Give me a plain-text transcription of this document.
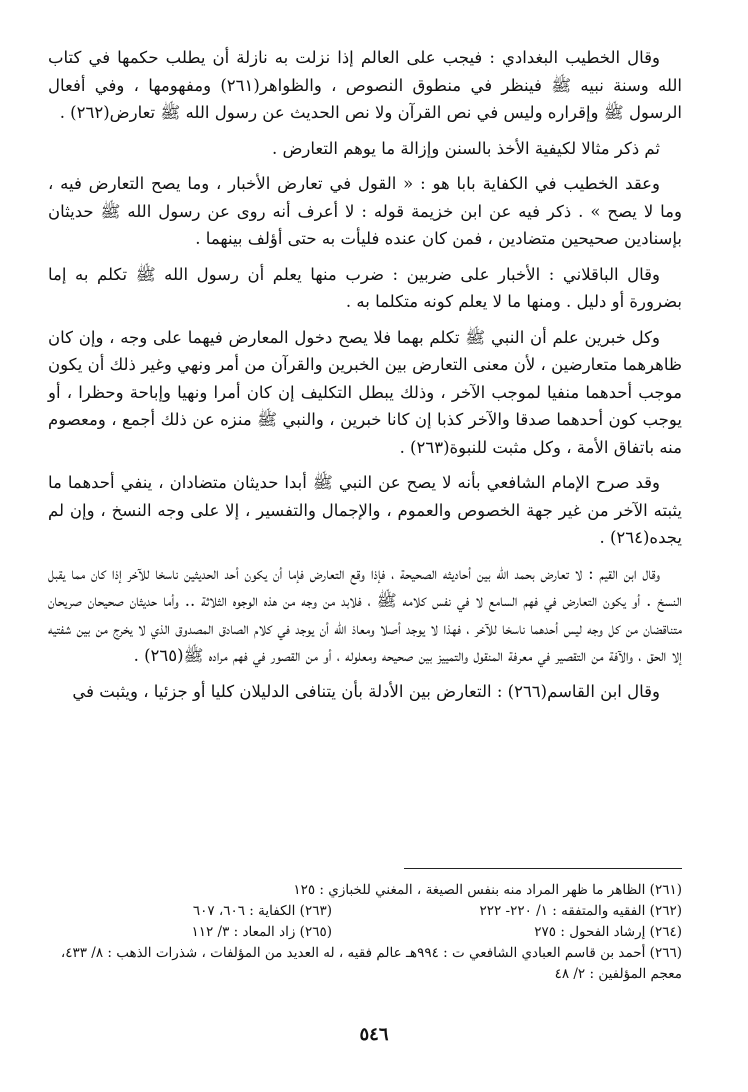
وقال الخطيب البغدادي : فيجب على العالم إذا نزلت به نازلة أن يطلب حكمها في كتاب الله وسنة نبيه ﷺ فينظر في منطوق النصوص ، والظواهر(٢٦١) ومفهومها ، وفي أفعال الرسول ﷺ وإقراره وليس في نص القرآن ولا نص الحديث عن رسول الله ﷺ تعارض(٢٦٢) .

ثم ذكر مثالا لكيفية الأخذ بالسنن وإزالة ما يوهم التعارض .

وعقد الخطيب في الكفاية بابا هو : « القول في تعارض الأخبار ، وما يصح التعارض فيه ، وما لا يصح » . ذكر فيه عن ابن خزيمة قوله : لا أعرف أنه روى عن رسول الله ﷺ حديثان بإسنادين صحيحين متضادين ، فمن كان عنده فليأت به حتى أؤلف بينهما .

وقال الباقلاني : الأخبار على ضربين : ضرب منها يعلم أن رسول الله ﷺ تكلم به إما بضرورة أو دليل . ومنها ما لا يعلم كونه متكلما به .

وكل خبرين علم أن النبي ﷺ تكلم بهما فلا يصح دخول المعارض فيهما على وجه ، وإن كان ظاهرهما متعارضين ، لأن معنى التعارض بين الخبرين والقرآن من أمر ونهي وغير ذلك أن يكون موجب أحدهما منفيا لموجب الآخر ، وذلك يبطل التكليف إن كان أمرا ونهيا وإباحة وحظرا ، أو يوجب كون أحدهما صدقا والآخر كذبا إن كانا خبرين ، والنبي ﷺ منزه عن ذلك أجمع ، ومعصوم منه باتفاق الأمة ، وكل مثبت للنبوة(٢٦٣) .

وقد صرح الإمام الشافعي بأنه لا يصح عن النبي ﷺ أبدا حديثان متضادان ، ينفي أحدهما ما يثبته الآخر من غير جهة الخصوص والعموم ، والإجمال والتفسير ، إلا على وجه النسخ ، وإن لم يجده(٢٦٤) .

وقال ابن القيم : لا تعارض بحمد الله بين أحاديثه الصحيحة ، فإذا وقع التعارض فإما أن يكون أحد الحديثين ناسخا للآخر إذا كان مما يقبل النسخ . أو يكون التعارض في فهم السامع لا في نفس كلامه ﷺ ، فلابد من وجه من هذه الوجوه الثلاثة .. وأما حديثان صحيحان صريحان متناقضان من كل وجه ليس أحدهما ناسخا للآخر ، فهذا لا يوجد أصلا ومعاذ الله أن يوجد في كلام الصادق المصدوق الذي لا يخرج من بين شفتيه إلا الحق ، والآفة من التقصير في معرفة المنقول والتمييز بين صحيحه ومعلوله ، أو من القصور في فهم مراده ﷺ(٢٦٥) .

وقال ابن القاسم(٢٦٦) : التعارض بين الأدلة بأن يتنافى الدليلان كليا أو جزئيا ، ويثبت في

(٢٦١) الظاهر ما ظهر المراد منه بنفس الصيغة ، المغني للخبازي : ١٢٥
(٢٦٢) الفقيه والمتفقه : ١/ ٢٢٠- ٢٢٢
(٢٦٣) الكفاية : ٦٠٦، ٦٠٧
(٢٦٤) إرشاد الفحول : ٢٧٥
(٢٦٥) زاد المعاد : ٣/ ١١٢
(٢٦٦) أحمد بن قاسم العبادي الشافعي ت : ٩٩٤هـ عالم فقيه ، له العديد من المؤلفات ، شذرات الذهب : ٨/ ٤٣٣، معجم المؤلفين : ٢/ ٤٨
٥٤٦
